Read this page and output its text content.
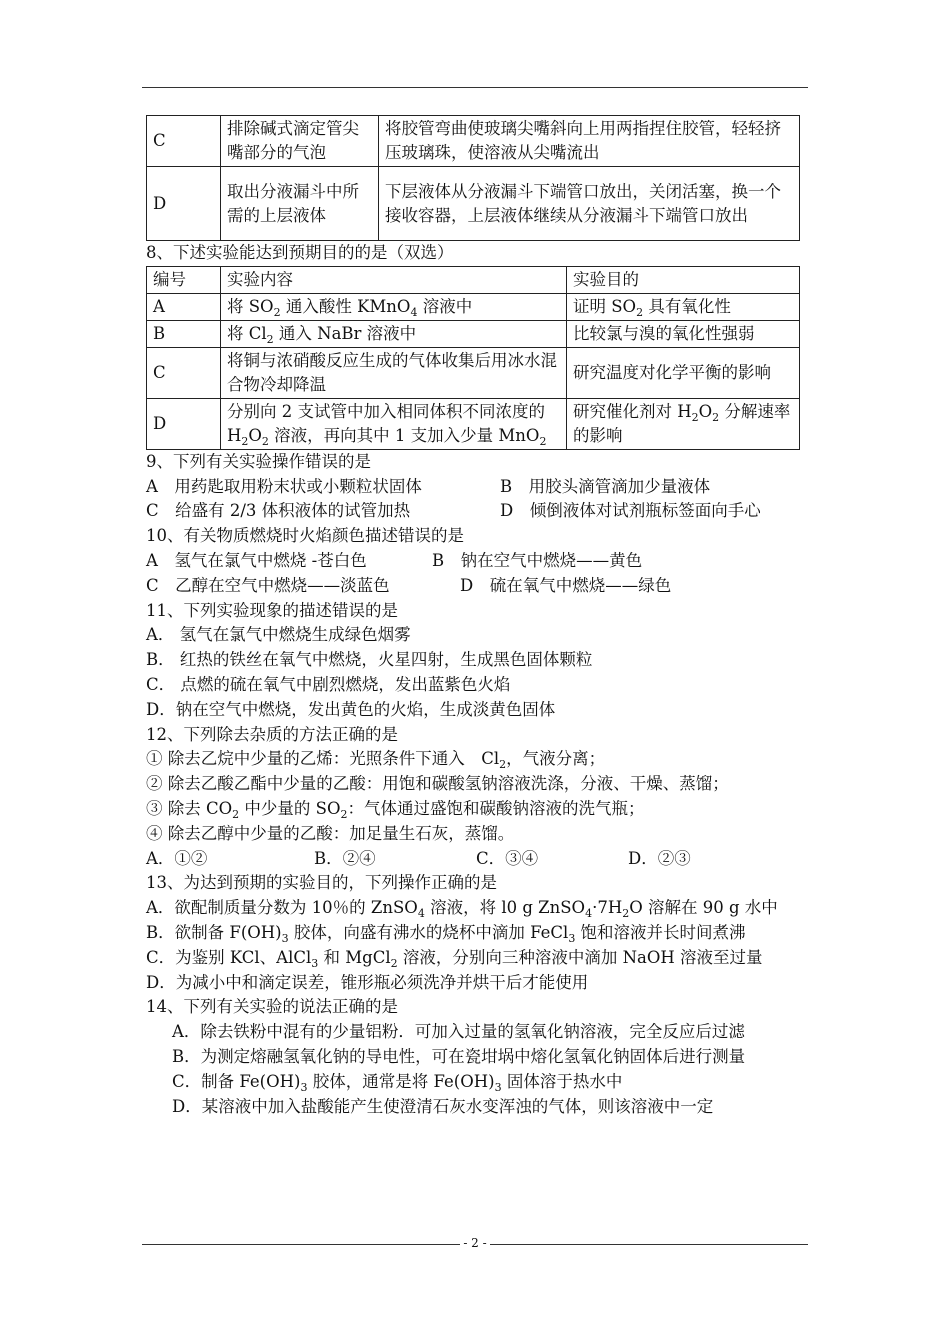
C	排除碱式滴定管尖嘴部分的气泡	将胶管弯曲使玻璃尖嘴斜向上用两指捏住胶管，轻轻挤压玻璃珠，使溶液从尖嘴流出
D	取出分液漏斗中所需的上层液体	下层液体从分液漏斗下端管口放出，关闭活塞，换一个接收容器，上层液体继续从分液漏斗下端管口放出
8、下述实验能达到预期目的的是（双选）
编号	实验内容	实验目的
A	将 $SO_2$ 通入酸性 KMnO$_4$ 溶液中	证明 $SO_2$ 具有氧化性
B	将 $Cl_2$ 通入 NaBr 溶液中	比较氯与溴的氧化性强弱
C	将铜与浓硝酸反应生成的气体收集后用冰水混合物冷却降温	研究温度对化学平衡的影响
D	分别向 2 支试管中加入相同体积不同浓度的 $H_2O_2$ 溶液，再向其中 1 支加入少量 MnO$_2$	研究催化剂对 $H_2O_2$ 分解速率的影响
9、下列有关实验操作错误的是
A　用药匙取用粉末状或小颗粒状固体	B　用胶头滴管滴加少量液体
C　给盛有 2/3 体积液体的试管加热	D　倾倒液体对试剂瓶标签面向手心
10、有关物质燃烧时火焰颜色描述错误的是
A　氢气在氯气中燃烧 -苍白色	B　钠在空气中燃烧——黄色
C　乙醇在空气中燃烧——淡蓝色	D　硫在氧气中燃烧——绿色
11、下列实验现象的描述错误的是
A． 氢气在氯气中燃烧生成绿色烟雾
B． 红热的铁丝在氧气中燃烧，火星四射，生成黑色固体颗粒
C． 点燃的硫在氧气中剧烈燃烧，发出蓝紫色火焰
D．钠在空气中燃烧，发出黄色的火焰，生成淡黄色固体
12、下列除去杂质的方法正确的是
① 除去乙烷中少量的乙烯：光照条件下通入　$Cl_2$，气液分离；
② 除去乙酸乙酯中少量的乙酸：用饱和碳酸氢钠溶液洗涤，分液、干燥、蒸馏；
③ 除去 $CO_2$ 中少量的 $SO_2$：气体通过盛饱和碳酸钠溶液的洗气瓶；
④ 除去乙醇中少量的乙酸：加足量生石灰，蒸馏。
A．①②	B．②④	C．③④	D．②③
13、为达到预期的实验目的，下列操作正确的是
A．欲配制质量分数为 10％的 ZnSO$_4$ 溶液，将 l0 g $ZnSO_4\cdot 7H_2O$ 溶解在 90 g 水中
B．欲制备 $F(OH)_3$ 胶体，向盛有沸水的烧杯中滴加 FeCl$_3$ 饱和溶液并长时间煮沸
C．为鉴别 KCl、AlCl$_3$ 和 MgCl$_2$ 溶液，分别向三种溶液中滴加 NaOH 溶液至过量
D．为减小中和滴定误差，锥形瓶必须洗净并烘干后才能使用
14、下列有关实验的说法正确的是
A．除去铁粉中混有的少量铝粉．可加入过量的氢氧化钠溶液，完全反应后过滤
B．为测定熔融氢氧化钠的导电性，可在瓷坩埚中熔化氢氧化钠固体后进行测量
C．制备 $Fe(OH)_3$ 胶体，通常是将 $Fe(OH)_3$ 固体溶于热水中
D．某溶液中加入盐酸能产生使澄清石灰水变浑浊的气体，则该溶液中一定
- 2 -
